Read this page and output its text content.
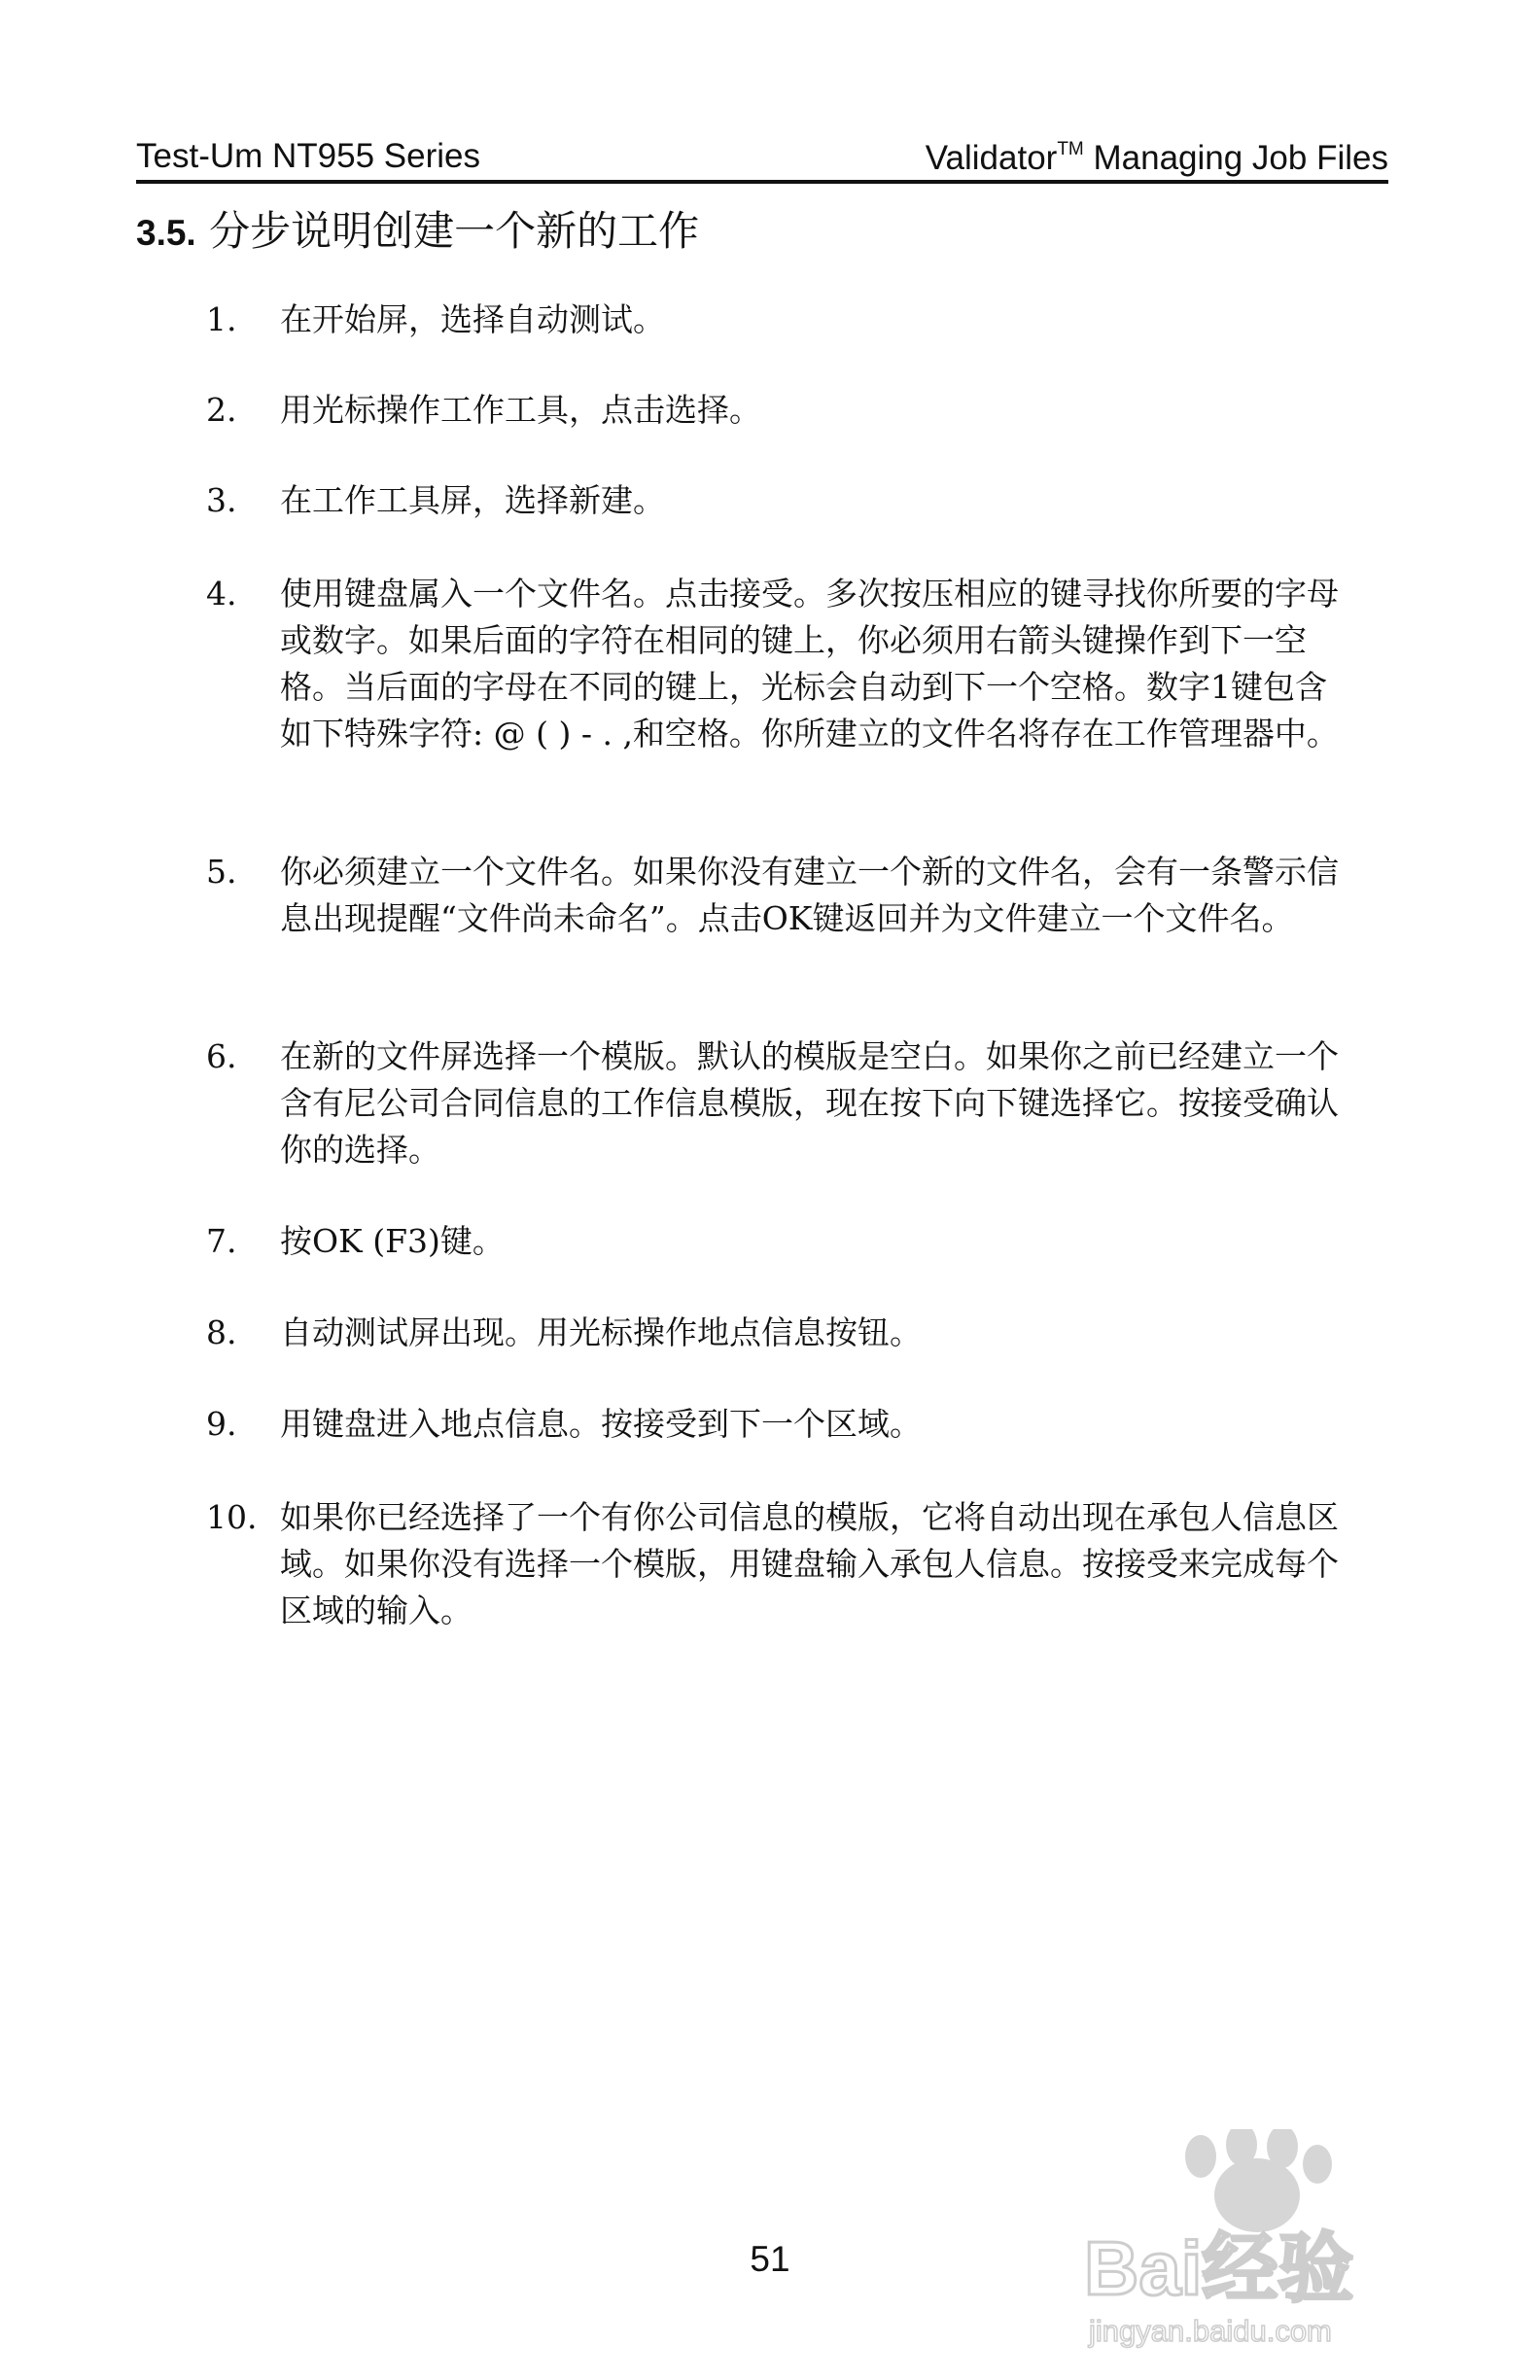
Test-Um NT955 Series	Validator™ Managing Job Files
3.5. 分步说明创建一个新的工作
1. 在开始屏，选择自动测试。
2. 用光标操作工作工具，点击选择。
3. 在工作工具屏，选择新建。
4. 使用键盘属入一个文件名。点击接受。多次按压相应的键寻找你所要的字母或数字。如果后面的字符在相同的键上，你必须用右箭头键操作到下一空格。当后面的字母在不同的键上，光标会自动到下一个空格。数字1键包含如下特殊字符: @ ( ) - . ,和空格。你所建立的文件名将存在工作管理器中。
5. 你必须建立一个文件名。如果你没有建立一个新的文件名，会有一条警示信息出现提醒“文件尚未命名”。点击OK键返回并为文件建立一个文件名。
6. 在新的文件屏选择一个模版。默认的模版是空白。如果你之前已经建立一个含有尼公司合同信息的工作信息模版，现在按下向下键选择它。按接受确认你的选择。
7. 按OK (F3)键。
8. 自动测试屏出现。用光标操作地点信息按钮。
9. 用键盘进入地点信息。按接受到下一个区域。
10. 如果你已经选择了一个有你公司信息的模版，它将自动出现在承包人信息区域。如果你没有选择一个模版，用键盘输入承包人信息。按接受来完成每个区域的输入。
51	Bai经验
jingyan.baidu.com
